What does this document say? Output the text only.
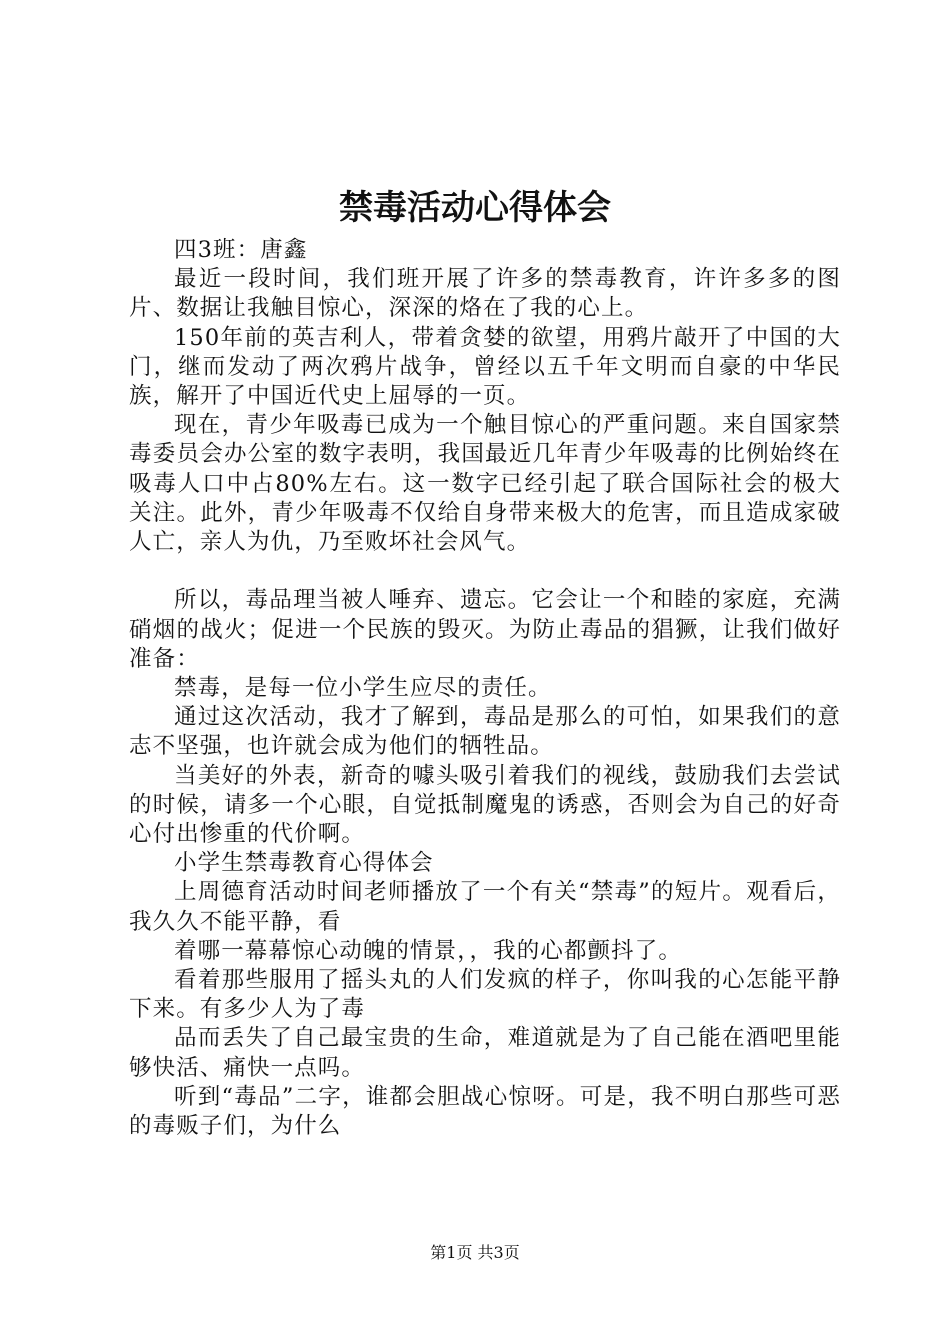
禁毒活动心得体会

四3班：唐鑫

最近一段时间，我们班开展了许多的禁毒教育，许许多多的图片、数据让我触目惊心，深深的烙在了我的心上。

150年前的英吉利人，带着贪婪的欲望，用鸦片敲开了中国的大门，继而发动了两次鸦片战争，曾经以五千年文明而自豪的中华民族，解开了中国近代史上屈辱的一页。

现在，青少年吸毒已成为一个触目惊心的严重问题。来自国家禁毒委员会办公室的数字表明，我国最近几年青少年吸毒的比例始终在吸毒人口中占80%左右。这一数字已经引起了联合国际社会的极大关注。此外，青少年吸毒不仅给自身带来极大的危害，而且造成家破人亡，亲人为仇，乃至败坏社会风气。

所以，毒品理当被人唾弃、遗忘。它会让一个和睦的家庭，充满硝烟的战火；促进一个民族的毁灭。为防止毒品的猖獗，让我们做好准备：

禁毒，是每一位小学生应尽的责任。

通过这次活动，我才了解到，毒品是那么的可怕，如果我们的意志不坚强，也许就会成为他们的牺牲品。

当美好的外表，新奇的噱头吸引着我们的视线，鼓励我们去尝试的时候，请多一个心眼，自觉抵制魔鬼的诱惑，否则会为自己的好奇心付出惨重的代价啊。

小学生禁毒教育心得体会

上周德育活动时间老师播放了一个有关“禁毒”的短片。观看后，我久久不能平静，看

着哪一幕幕惊心动魄的情景，，我的心都颤抖了。

看着那些服用了摇头丸的人们发疯的样子，你叫我的心怎能平静下来。有多少人为了毒

品而丢失了自己最宝贵的生命，难道就是为了自己能在酒吧里能够快活、痛快一点吗。

听到“毒品”二字，谁都会胆战心惊呀。可是，我不明白那些可恶的毒贩子们，为什么

第1页 共3页
